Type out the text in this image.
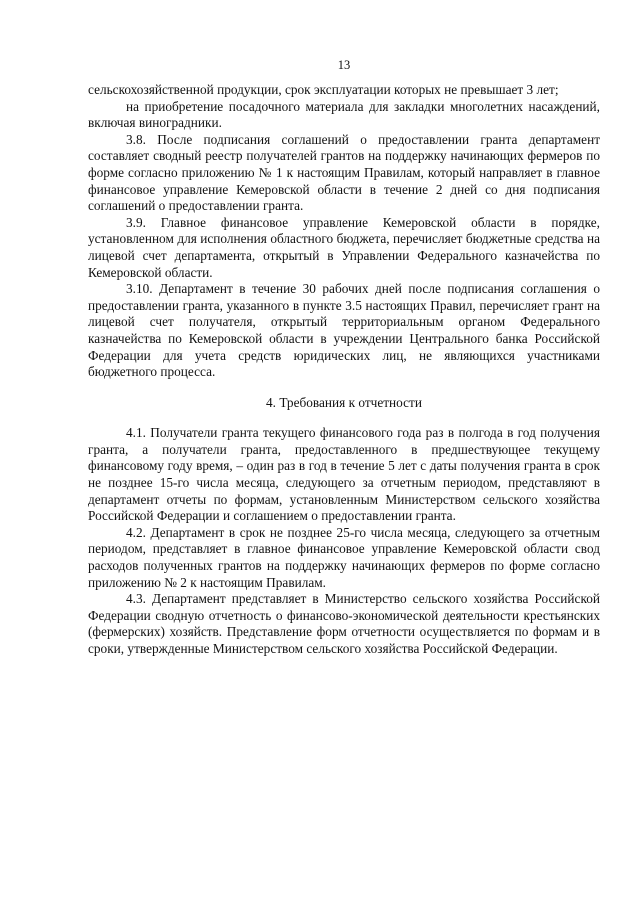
13

сельскохозяйственной продукции, срок эксплуатации которых не превышает 3 лет;

на приобретение посадочного материала для закладки многолетних насаждений, включая виноградники.

3.8. После подписания соглашений о предоставлении гранта департамент составляет сводный реестр получателей грантов на поддержку начинающих фермеров по форме согласно приложению № 1 к настоящим Правилам, который направляет в главное финансовое управление Кемеровской области в течение 2 дней со дня подписания соглашений о предоставлении гранта.

3.9. Главное финансовое управление Кемеровской области в порядке, установленном для исполнения областного бюджета, перечисляет бюджетные средства на лицевой счет департамента, открытый в Управлении Федерального казначейства по Кемеровской области.

3.10. Департамент в течение 30 рабочих дней после подписания соглашения о предоставлении гранта, указанного в пункте 3.5 настоящих Правил, перечисляет грант на лицевой счет получателя, открытый территориальным органом Федерального казначейства по Кемеровской области в учреждении Центрального банка Российской Федерации для учета средств юридических лиц, не являющихся участниками бюджетного процесса.

4. Требования к отчетности

4.1. Получатели гранта текущего финансового года раз в полгода в год получения гранта, а получатели гранта, предоставленного в предшествующее текущему финансовому году время, – один раз в год в течение 5 лет с даты получения гранта в срок не позднее 15-го числа месяца, следующего за отчетным периодом, представляют в департамент отчеты по формам, установленным Министерством сельского хозяйства Российской Федерации и соглашением о предоставлении гранта.

4.2. Департамент в срок не позднее 25-го числа месяца, следующего за отчетным периодом, представляет в главное финансовое управление Кемеровской области свод расходов полученных грантов на поддержку начинающих фермеров по форме согласно приложению № 2 к настоящим Правилам.

4.3. Департамент представляет в Министерство сельского хозяйства Российской Федерации сводную отчетность о финансово-экономической деятельности крестьянских (фермерских) хозяйств. Представление форм отчетности осуществляется по формам и в сроки, утвержденные Министерством сельского хозяйства Российской Федерации.
